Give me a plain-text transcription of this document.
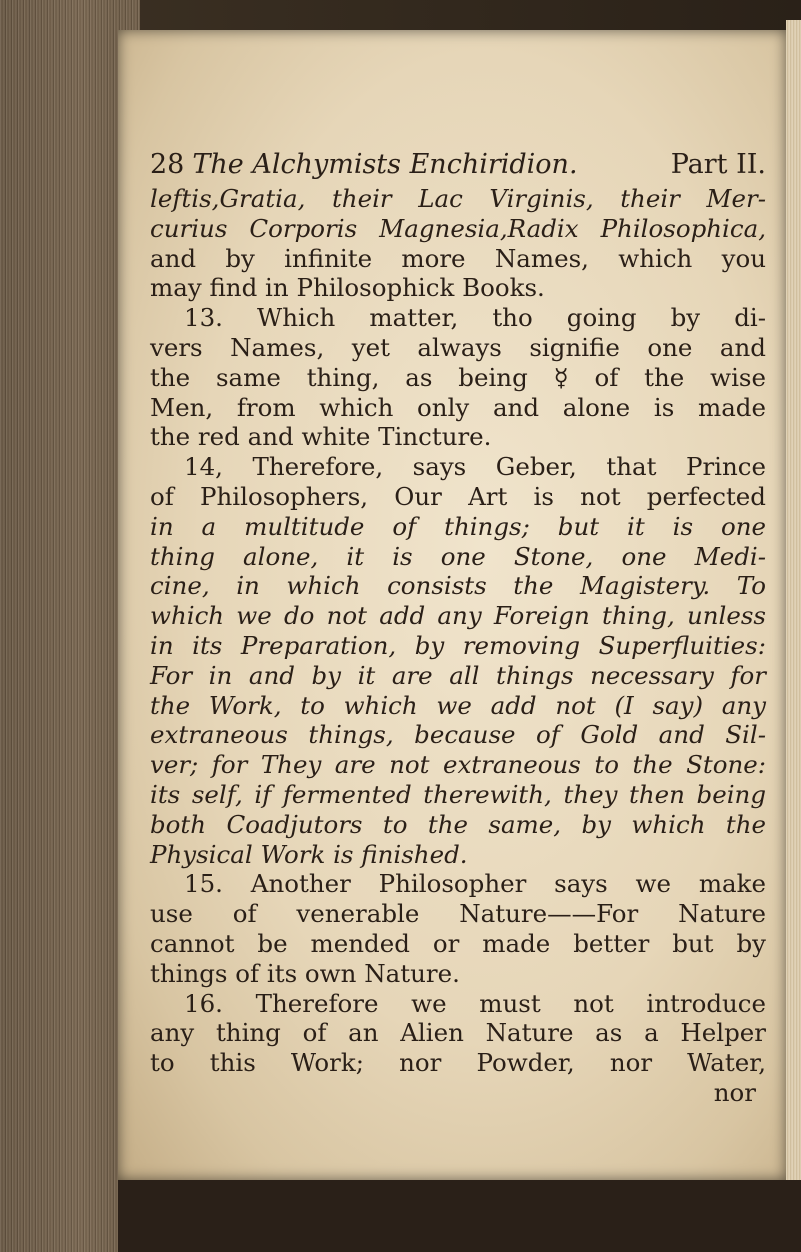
28 The Alchymists Enchiridion.	Part II.
leftis,Gratia, their Lac Virginis, their Mer-
curius Corporis Magnesia,Radix Philosophica,
and by infinite more Names, which you
may find in Philosophick Books.
13. Which matter, tho going by di-
vers Names, yet always signifie one and
the same thing, as being ☿ of the wise
Men, from which only and alone is made
the red and white Tincture.
14, Therefore, says Geber, that Prince
of Philosophers, Our Art is not perfected
in a multitude of things; but it is one
thing alone, it is one Stone, one Medi-
cine, in which consists the Magistery. To
which we do not add any Foreign thing, unless
in its Preparation, by removing Superfluities:
For in and by it are all things necessary for
the Work, to which we add not (I say) any
extraneous things, because of Gold and Sil-
ver; for They are not extraneous to the Stone:
its self, if fermented therewith, they then being
both Coadjutors to the same, by which the
Physical Work is finished.
15. Another Philosopher says we make
use of venerable Nature——For Nature
cannot be mended or made better but by
things of its own Nature.
16. Therefore we must not introduce
any thing of an Alien Nature as a Helper
to this Work; nor Powder, nor Water,
nor
